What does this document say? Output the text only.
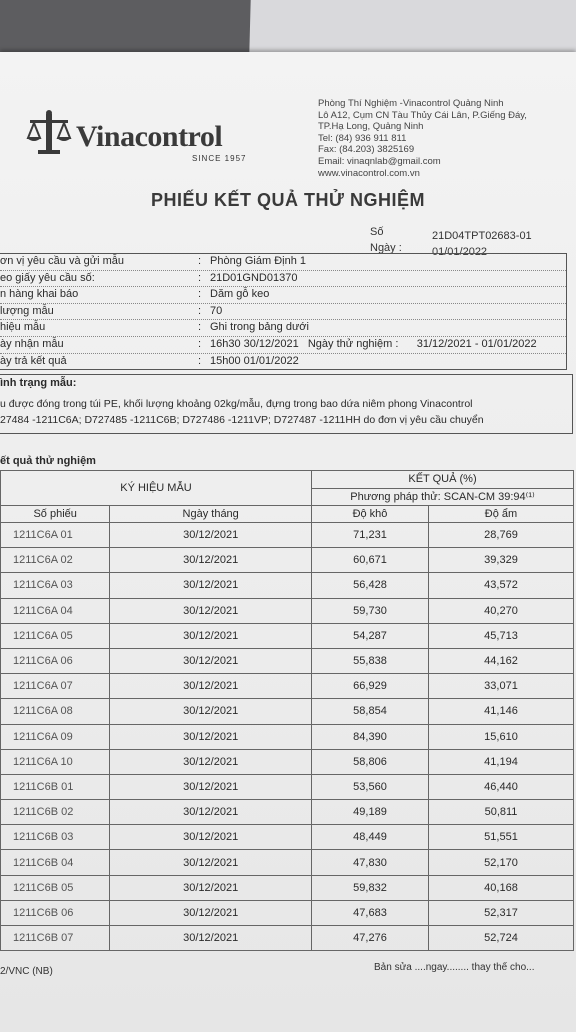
Vinacontrol
SINCE 1957
Phòng Thí Nghiệm -Vinacontrol Quảng Ninh
Lô A12, Cụm CN Tàu Thủy Cái Lân, P.Giếng Đáy,
TP.Hạ Long, Quảng Ninh
Tel: (84) 936 911 811
Fax: (84.203) 3825169
Email: vinaqnlab@gmail.com
www.vinacontrol.com.vn
PHIẾU KẾT QUẢ THỬ NGHIỆM
Số	21D04TPT02683-01
Ngày :	01/01/2022
ơn vị yêu cầu và gửi mẫu	: Phòng Giám Định 1
eo giấy yêu cầu số:	: 21D01GND01370
n hàng khai báo	: Dăm gỗ keo
lượng mẫu	: 70
hiệu mẫu	: Ghi trong bảng dưới
ày nhận mẫu	: 16h30 30/12/2021   Ngày thử nghiệm :      31/12/2021 - 01/01/2022
ày trả kết quả	: 15h00 01/01/2022
ình trạng mẫu:
u được đóng trong túi PE, khối lượng khoảng 02kg/mẫu, đựng trong bao dứa niêm phong Vinacontrol
27484 -1211C6A; D727485 -1211C6B; D727486 -1211VP; D727487 -1211HH do đơn vị yêu cầu chuyển
ết quả thử nghiệm
KÝ HIỆU MẪU		KẾT QUẢ (%)
Phương pháp thử: SCAN-CM 39:94⁽¹⁾	

Số phiếu	Ngày tháng	Độ khô	Độ ẩm
1211C6A 01	30/12/2021	71,231	28,769
1211C6A 02	30/12/2021	60,671	39,329
1211C6A 03	30/12/2021	56,428	43,572
1211C6A 04	30/12/2021	59,730	40,270
1211C6A 05	30/12/2021	54,287	45,713
1211C6A 06	30/12/2021	55,838	44,162
1211C6A 07	30/12/2021	66,929	33,071
1211C6A 08	30/12/2021	58,854	41,146
1211C6A 09	30/12/2021	84,390	15,610
1211C6A 10	30/12/2021	58,806	41,194
1211C6B 01	30/12/2021	53,560	46,440
1211C6B 02	30/12/2021	49,189	50,811
1211C6B 03	30/12/2021	48,449	51,551
1211C6B 04	30/12/2021	47,830	52,170
1211C6B 05	30/12/2021	59,832	40,168
1211C6B 06	30/12/2021	47,683	52,317
1211C6B 07	30/12/2021	47,276	52,724
2/VNC (NB)	Bản sửa ....ngay........ thay thế cho...
